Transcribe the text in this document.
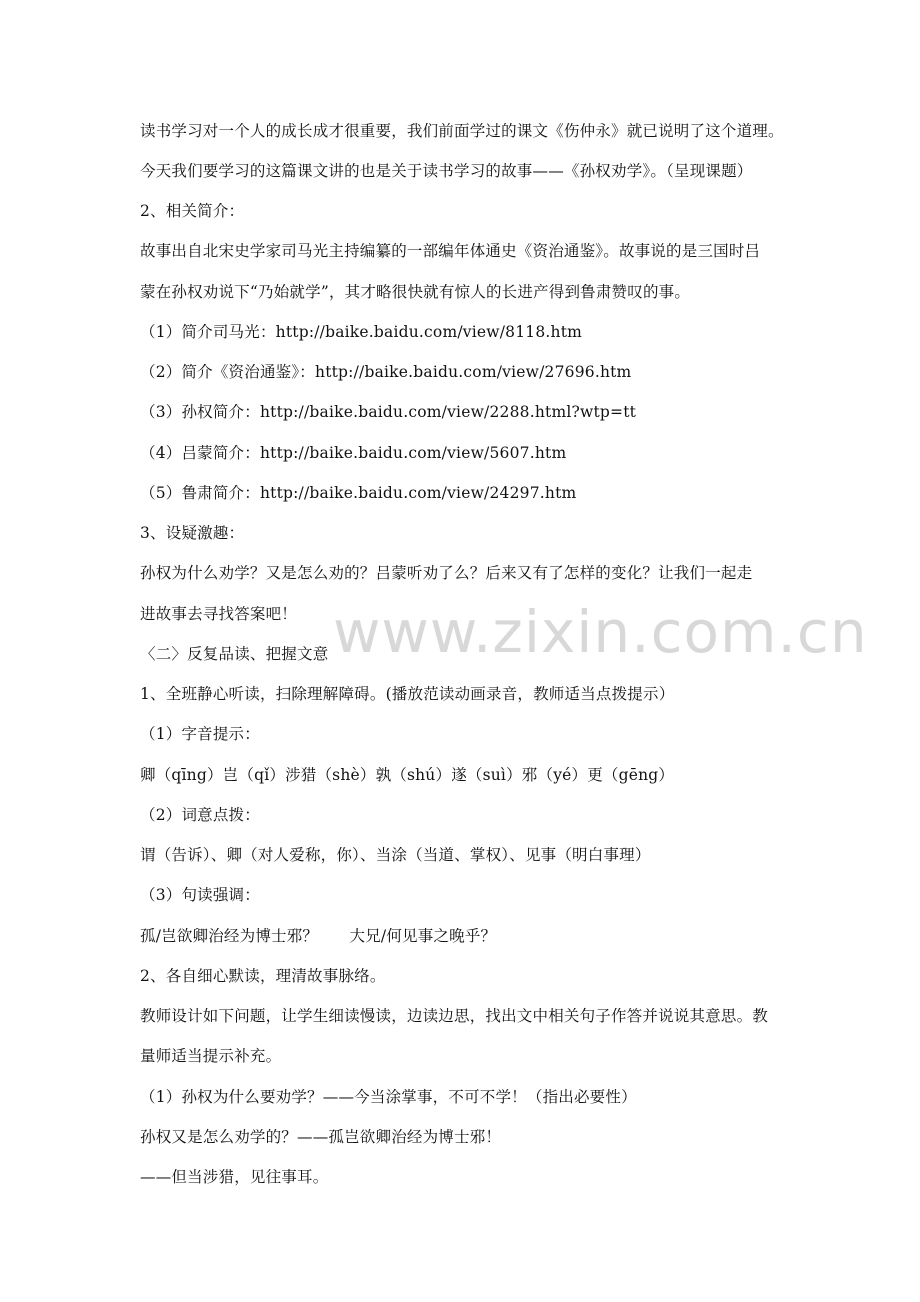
www.zixin.com.cn
读书学习对一个人的成长成才很重要，我们前面学过的课文《伤仲永》就已说明了这个道理。
今天我们要学习的这篇课文讲的也是关于读书学习的故事——《孙权劝学》。（呈现课题）
2、相关简介：
故事出自北宋史学家司马光主持编纂的一部编年体通史《资治通鉴》。故事说的是三国时吕
蒙在孙权劝说下“乃始就学”，其才略很快就有惊人的长进产得到鲁肃赞叹的事。
（1）简介司马光：http://baike.baidu.com/view/8118.htm
（2）简介《资治通鉴》：http://baike.baidu.com/view/27696.htm
（3）孙权简介：http://baike.baidu.com/view/2288.html?wtp=tt
（4）吕蒙简介：http://baike.baidu.com/view/5607.htm
（5）鲁肃简介：http://baike.baidu.com/view/24297.htm
3、设疑激趣：
孙权为什么劝学？又是怎么劝的？吕蒙听劝了么？后来又有了怎样的变化？让我们一起走
进故事去寻找答案吧！
〈二〉反复品读、把握文意
1、全班静心听读，扫除理解障碍。(播放范读动画录音，教师适当点拨提示）
（1）字音提示：
卿（qīng）岂（qǐ）涉猎（shè）孰（shú）遂（suì）邪（yé）更（gēng）
（2）词意点拨：
谓（告诉）、卿（对人爱称，你）、当涂（当道、掌权）、见事（明白事理）
（3）句读强调：
孤/岂欲卿治经为博士邪？　　大兄/何见事之晚乎？
2、各自细心默读，理清故事脉络。
教师设计如下问题，让学生细读慢读，边读边思，找出文中相关句子作答并说说其意思。教
量师适当提示补充。
（1）孙权为什么要劝学？——今当涂掌事，不可不学！（指出必要性）
孙权又是怎么劝学的？——孤岂欲卿治经为博士邪！
——但当涉猎，见往事耳。
